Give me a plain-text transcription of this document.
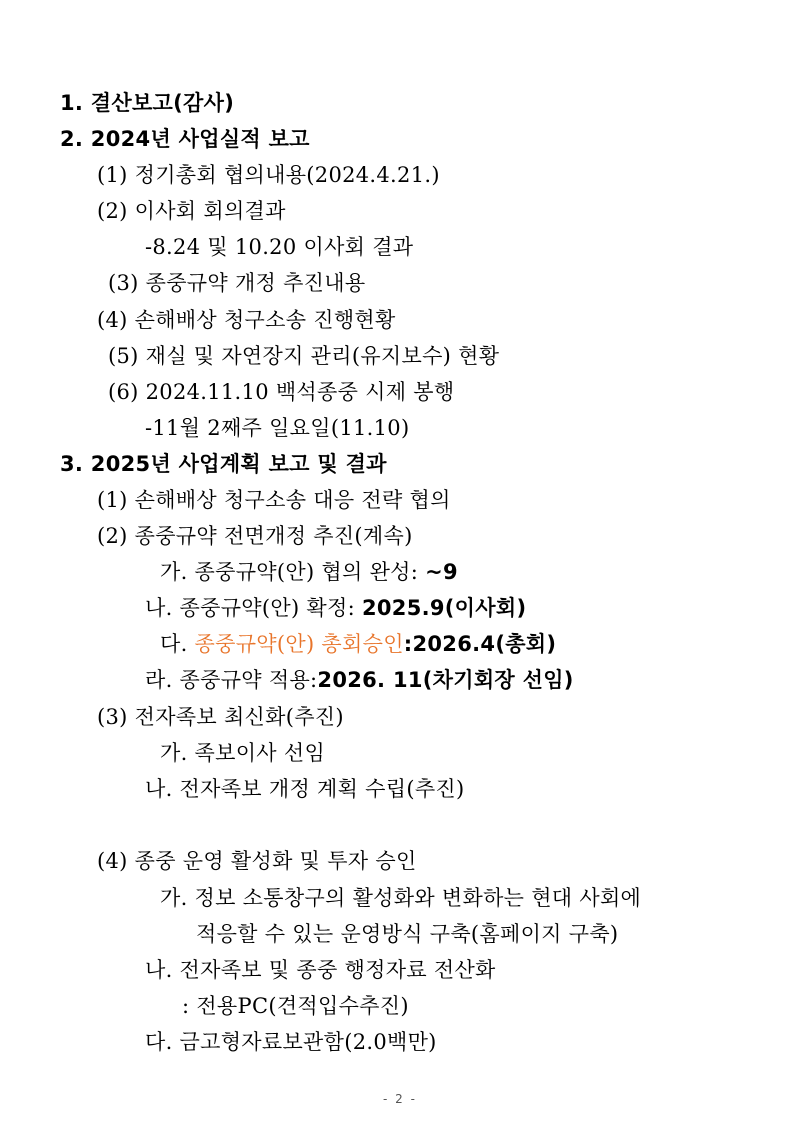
1. 결산보고(감사)
2. 2024년 사업실적 보고
(1) 정기총회 협의내용(2024.4.21.)
(2) 이사회 회의결과
-8.24 및 10.20 이사회 결과
(3) 종중규약 개정 추진내용
(4) 손해배상 청구소송 진행현황
(5) 재실 및 자연장지 관리(유지보수) 현황
(6) 2024.11.10 백석종중 시제 봉행
-11월 2째주 일요일(11.10)
3. 2025년 사업계획 보고 및 결과
(1) 손해배상 청구소송 대응 전략 협의
(2) 종중규약 전면개정 추진(계속)
가. 종중규약(안) 협의 완성: ~9
나. 종중규약(안) 확정: 2025.9(이사회)
다. 종중규약(안) 총회승인:2026.4(총회)
라. 종중규약 적용:2026. 11(차기회장 선임)
(3) 전자족보 최신화(추진)
가. 족보이사 선임
나. 전자족보 개정 계획 수립(추진)
(4) 종중 운영 활성화 및 투자 승인
가. 정보 소통창구의 활성화와 변화하는 현대 사회에
적응할 수 있는 운영방식 구축(홈페이지 구축)
나. 전자족보 및 종중 행정자료 전산화
: 전용PC(견적입수추진)
다. 금고형자료보관함(2.0백만)
- 2 -
